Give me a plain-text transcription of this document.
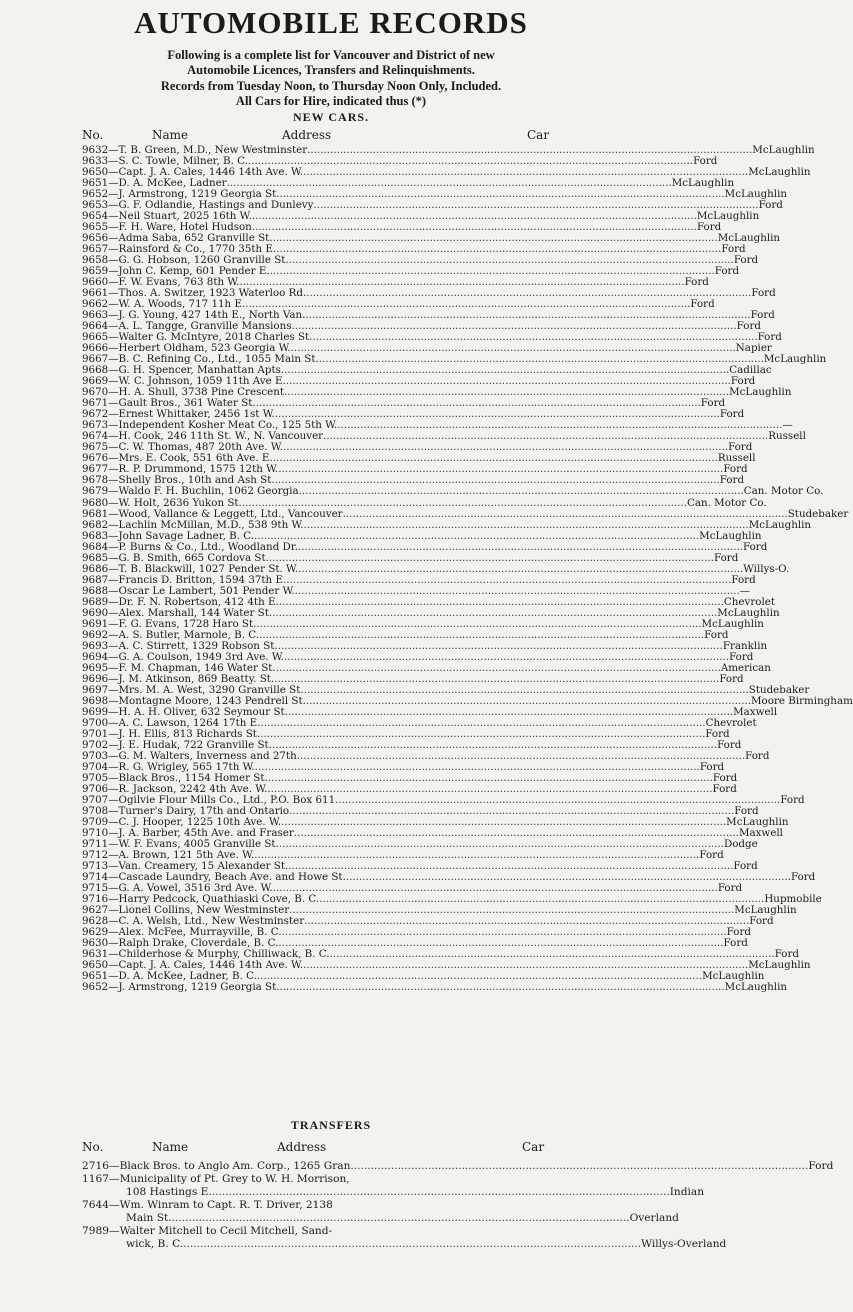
AUTOMOBILE RECORDS
Following is a complete list for Vancouver and District of new
Automobile Licences, Transfers and Relinquishments.
Records from Tuesday Noon, to Thursday Noon Only, Included.
All Cars for Hire, indicated thus (*)
NEW CARS.
No.	Name	Address	Car
9632 — T. B. Green, M.D., New Westminster .....	McLaughlin
9633 — S. C. Towle, Milner, B. C. .....	Ford
9650 — Capt. J. A. Cales, 1446 14th Ave. W. .....	McLaughlin
9651 — D. A. McKee, Ladner .....	McLaughlin
9652 — J. Armstrong, 1219 Georgia St. .....	McLaughlin
9653 — G. F. Odlandie, Hastings and Dunlevy .....	Ford
9654 — Neil Stuart, 2025 16th W. .....	McLaughlin
9655 — F. H. Ware, Hotel Hudson .....	Ford
9656 — Adma Saba, 652 Granville St. .....	McLaughlin
9657 — Rainsford & Co., 1770 35th E. .....	Ford
9658 — G. G. Hobson, 1260 Granville St. .....	Ford
9659 — John C. Kemp, 601 Pender E. .....	Ford
9660 — F. W. Evans, 763 8th W. .....	Ford
9661 — Thos. A. Switzer, 1923 Waterloo Rd. .....	Ford
9662 — W. A. Woods, 717 11h E. .....	Ford
9663 — J. G. Young, 427 14th E., North Van. .....	Ford
9664 — A. L. Tangge, Granville Mansions .....	Ford
9665 — Walter G. McIntyre, 2018 Charles St. .....	Ford
9666 — Herbert Oldham, 523 Georgia W. .....	Napier
9667 — B. C. Refining Co., Ltd., 1055 Main St. .....	McLaughlin
9668 — G. H. Spencer, Manhattan Apts. .....	Cadillac
9669 — W. C. Johnson, 1059 11th Ave E. .....	Ford
9670 — H. A. Shull, 3738 Pine Crescent .....	McLaughlin
9671 — Gault Bros., 361 Water St. .....	Ford
9672 — Ernest Whittaker, 2456 1st W. .....	Ford
9673 — Independent Kosher Meat Co., 125 5th W. .....	—
9674 — H. Cook, 246 11th St. W., N. Vancouver .....	Russell
9675 — C. W. Thomas, 487 20th Ave. W. .....	Ford
9676 — Mrs. E. Cook, 551 6th Ave. E. .....	Russell
9677 — R. P. Drummond, 1575 12th W. .....	Ford
9678 — Shelly Bros., 10th and Ash St. .....	Ford
9679 — Waldo F. H. Buchlin, 1062 Georgia .....	Can. Motor Co.
9680 — W. Holt, 2636 Yukon St. .....	Can. Motor Co.
9681 — Wood, Vallance & Leggett, Ltd., Vancouver .....	Studebaker
9682 — Lachlin McMillan, M.D., 538 9th W. .....	McLaughlin
9683 — John Savage Ladner, B. C. .....	McLaughlin
9684 — P. Burns & Co., Ltd., Woodland Dr. .....	Ford
9685 — G. B. Smith, 665 Cordova St. .....	Ford
9686 — T. B. Blackwill, 1027 Pender St. W. .....	Willys-O.
9687 — Francis D. Britton, 1594 37th E. .....	Ford
9688 — Oscar Le Lambert, 501 Pender W. .....	—
9689 — Dr. F. N. Robertson, 412 4th E. .....	Chevrolet
9690 — Alex. Marshall, 144 Water St. .....	McLaughlin
9691 — F. G. Evans, 1728 Haro St. .....	McLaughlin
9692 — A. S. Butler, Marnole, B. C. .....	Ford
9693 — A. C. Stirrett, 1329 Robson St. .....	Franklin
9694 — G. A. Coulson, 1949 3rd Ave. W. .....	Ford
9695 — F. M. Chapman, 146 Water St. .....	American
9696 — J. M. Atkinson, 869 Beatty. St. .....	Ford
9697 — Mrs. M. A. West, 3290 Granville St. .....	Studebaker
9698 — Montagne Moore, 1243 Pendrell St. .....	Moore Birmingham
9699 — H. A. H. Oliver, 632 Seymour St. .....	Maxwell
9700 — A. C. Lawson, 1264 17th E. .....	Chevrolet
9701 — J. H. Ellis, 813 Richards St. .....	Ford
9702 — J. E. Hudak, 722 Granville St. .....	Ford
9703 — G. M. Walters, Inverness and 27th. .....	Ford
9704 — R. G. Wrigley, 565 17th W. .....	Ford
9705 — Black Bros., 1154 Homer St. .....	Ford
9706 — R. Jackson, 2242 4th Ave. W. .....	Ford
9707 — Ogilvie Flour Mills Co., Ltd., P.O. Box 611 .....	Ford
9708 — Turner's Dairy, 17th and Ontario .....	Ford
9709 — C. J. Hooper, 1225 10th Ave. W. .....	McLaughlin
9710 — J. A. Barber, 45th Ave. and Fraser .....	Maxwell
9711 — W. F. Evans, 4005 Granville St. .....	Dodge
9712 — A. Brown, 121 5th Ave. W. .....	Ford
9713 — Van. Creamery, 15 Alexander St. .....	Ford
9714 — Cascade Laundry, Beach Ave. and Howe St. .....	Ford
9715 — G. A. Vowel, 3516 3rd Ave. W. .....	Ford
9716 — Harry Pedcock, Quathiaski Cove, B. C. .....	Hupmobile
9627 — Lionel Collins, New Westminster .....	McLaughlin
9628 — C. A. Welsh, Ltd., New Westminster .....	Ford
9629 — Alex. McFee, Murrayville, B. C. .....	Ford
9630 — Ralph Drake, Cloverdale, B. C. .....	Ford
9631 — Childerhose & Murphy, Chilliwack, B. C. .....	Ford
9650 — Capt. J. A. Cales, 1446 14th Ave. W. .....	McLaughlin
9651 — D. A. McKee, Ladner, B. C. .....	McLaughlin
9652 — J. Armstrong, 1219 Georgia St. .....	McLaughlin
TRANSFERS
No.	Name	Address	Car
2716 — Black Bros. to Anglo Am. Corp., 1265 Gran .....	Ford
1167 — Municipality of Pt. Grey to W. H. Morrison,
108 Hastings E. .....	Indian
7644 — Wm. Winram to Capt. R. T. Driver, 2138
Main St. .....	Overland
7989 — Walter Mitchell to Cecil Mitchell, Sand-
wick, B. C. .....	Willys-Overland
